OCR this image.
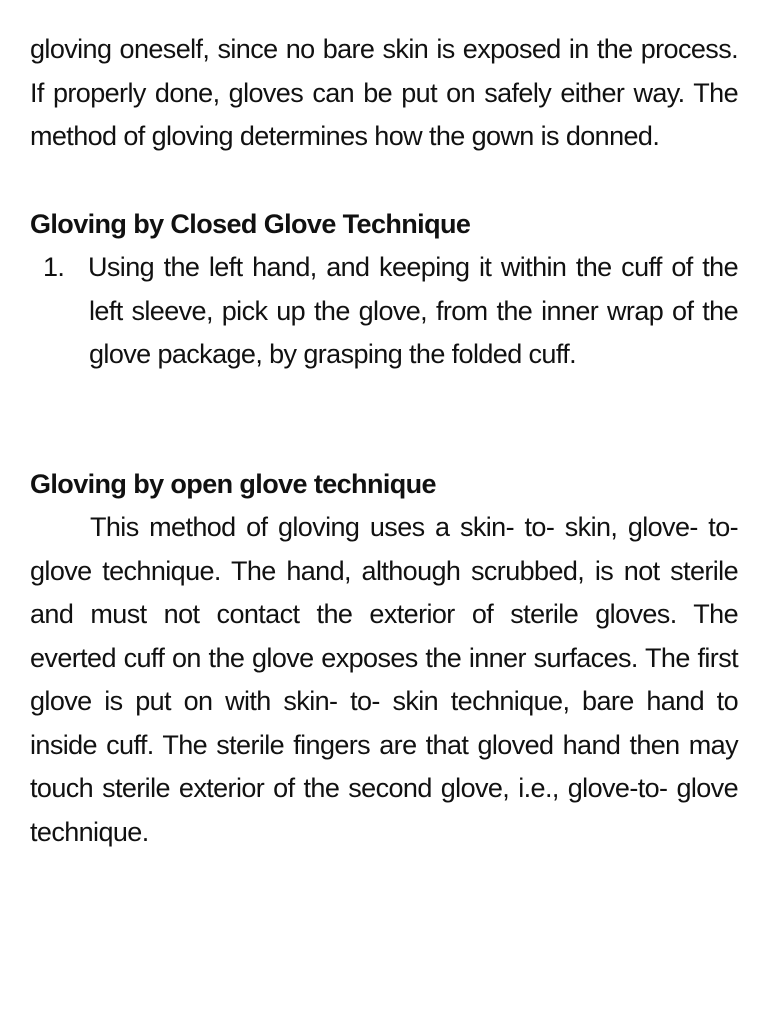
gloving oneself, since no bare skin is exposed in the process. If properly done, gloves can be put on safely either way. The method of gloving determines how the gown is donned.

Gloving by Closed Glove Technique
1. Using the left hand, and keeping it within the cuff of the left sleeve, pick up the glove, from the inner wrap of the glove package, by grasping the folded cuff.
Gloving by open glove technique

This method of gloving uses a skin- to- skin, glove- to-glove technique. The hand, although scrubbed, is not sterile and must not contact the exterior of sterile gloves. The everted cuff on the glove exposes the inner surfaces. The first glove is put on with skin- to- skin technique, bare hand to inside cuff. The sterile fingers are that gloved hand then may touch sterile exterior of the second glove, i.e., glove-to- glove technique.
